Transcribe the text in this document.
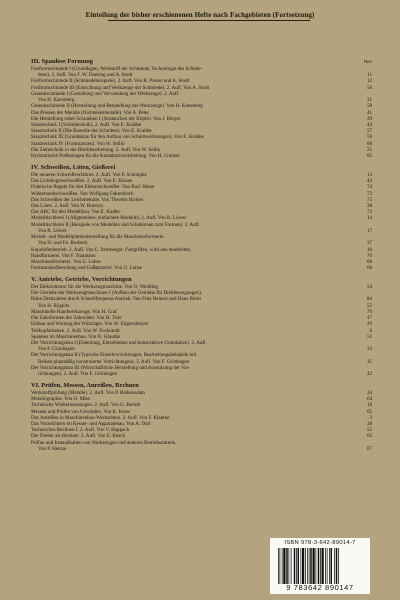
Einteilung der bisher erschienenen Hefte nach Fachgebieten (Fortsetzung)
III. Spanlose Formung	Heft
Freiformschmiede I (Grundlagen, Werkstoff der Schmiede, Technologie des Schmie-
dens). 2. Aufl. Von F. W. Duesing und A. Stodt	11
Freiformschmiede II (Schmiedebeispiele). 2. Aufl. Von B. Preuss und A. Stodt	12
Freiformschmiede III (Einrichtung und Werkzeuge der Schmiede). 2. Aufl. Von A. Stodt	56
Gesenkschmiede I (Gestaltung und Verwendung der Werkzeuge). 2. Aufl.
Von H. Kaessberg	31
Gesenkschmiede II (Herstellung und Behandlung der Werkzeuge). Von H. Kaessberg	58
Das Pressen der Metalle (Nichteisenmetalle). Von A. Peter	41
Die Herstellung roher Schrauben I (Anstauchen der Köpfe). Von J. Berger	39
Stanztechnik I (Schnittechnik). 2. Aufl. Von E. Krabbe	44
Stanztechnik II (Die Bauteile des Schnittes). Von E. Krabbe	57
Stanztechnik III (Grundsätze für den Aufbau von Schnittwerkzeugen). Von E. Krabbe	59
Stanztechnik IV (Formstanzen). Von W. Sellin	60
Die Ziehtechnik in der Blechbearbeitung. 2. Aufl. Von W. Sellin	25
Hydraulische Preßanlagen für die Kunstharzverarbeitung. Von H. Lindner	82
IV. Schweißen, Löten, Gießerei
Die neueren Schweißverfahren. 4. Aufl. Von P. Schimpke	13
Das Lichtbogenschweißen. 2. Aufl. Von E. Klosse	43
Praktische Regeln für den Elektroschweißer. Von Rud. Hesse	74
Widerstandsschweißen. Von Wolfgang Fahrenbach	73
Das Schweißen der Leichtmetalle. Von Theodor Ricken	75
Das Löten. 2. Aufl. Von W. Burstyn	28
Das ABC für den Modellbau. Von E. Kadlec	72
Modelltischlerei I (Allgemeines, einfachere Modelle). 2. Aufl. Von R. Löwer	14
Modelltischlerei II (Beispiele von Modellen und Schablonen zum Formen). 2. Aufl.
Von R. Löwer	17
Modell- und Modellplattenherstellung für die Maschinenformerei.
Von Fr. und Fe. Brobeck	37
Kupolofenbetrieb. 2. Aufl. Von C. Irresberger. (Vergriffen, wird neu bearbeitet)	10
Handformerei. Von F. Naumann	70
Maschinenformerei. Von U. Lohse	66
Formsandaufbereitung und Gußputzerei. Von U. Lohse	68
V. Antriebe, Getriebe, Vorrichtungen
Der Elektromotor für die Werkzeugmaschine. Von O. Weidling	54
Die Getriebe der Werkzeugmaschinen I (Aufbau der Getriebe für Drehbewegungen).
Hohe Drehzahlen durch Schnellfrequenz-Antrieb. Von Fritz Beinert und Hans Birett	84
Von H. Rögnitz	55
Maschinelle Handwerkzeuge. Von H. Graf	79
Die Zahnformen der Zahnräder. Von H. Trier	47
Einbau und Wartung der Wälzlager. Von W. Jürgensmeyer	29
Teilkopfarbeiten. 2. Aufl. Von W. Pockrandt	6
Spannen im Maschinenbau. Von Fr. Klautke	51
Der Vorrichtungsbau I (Einteilung, Einzelheiten und konstruktive Grundsätze). 3. Aufl.
Von F. Grünhagen	33
Der Vorrichtungsbau II (Typische Einzelvorrichtungen, Bearbeitungsbeispiele mit
Reihen planmäßig konstruierter Vorrichtungen). 3. Aufl. Von F. Grünhagen	35
Der Vorrichtungsbau III (Wirtschaftliche Herstellung und Ausnutzung der Vor-
richtungen). 2. Aufl. Von F. Grünhagen	42
VI. Prüfen, Messen, Anreißen, Rechnen
Werkstoffprüfung (Metalle). 2. Aufl. Von P. Riebensahm	34
Metallographie. Von O. Mies	64
Technische Winkelmessungen. 2. Aufl. Von G. Berndt	18
Messen und Prüfen von Gewinden. Von K. Kress	65
Das Anreißen in Maschinenbau-Werkstätten. 2. Aufl. Von F. Klautke	3
Das Vorzeichnen im Kessel- und Apparatebau. Von A. Dorl	38
Technisches Rechnen I. 2. Aufl. Von V. Happach	52
Der Dreher als Rechner. 2. Aufl. Von E. Busch	63
Prüfen und Instandhalten von Werkzeugen und anderen Betriebsmitteln.
Von P. Heinze	67
ISBN 978-3-642-89014-7
9 783642 890147
